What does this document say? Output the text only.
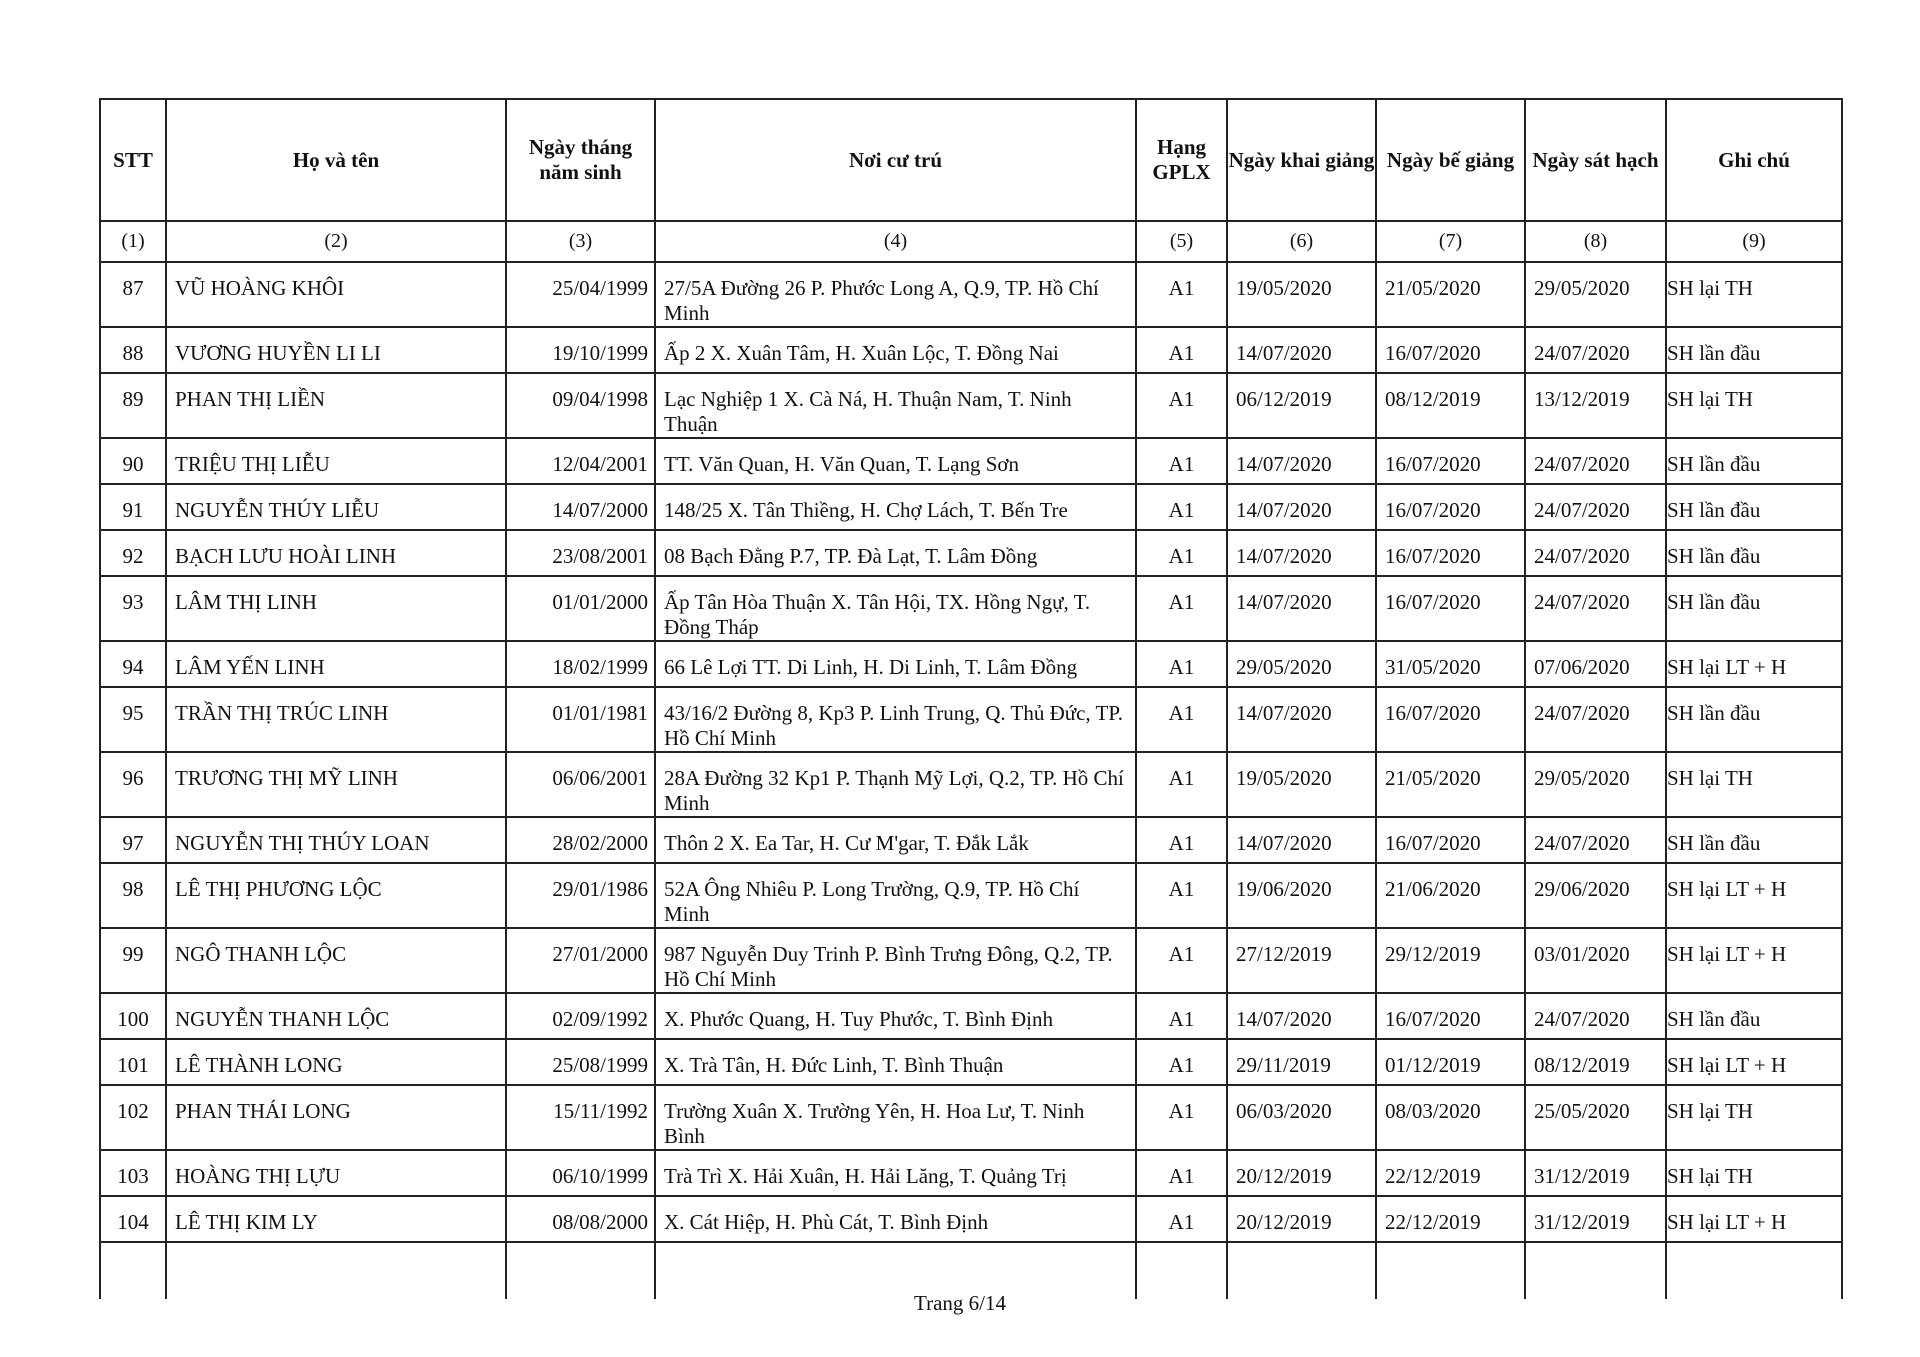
STT	Họ và tên	Ngày tháng năm sinh	Nơi cư trú	Hạng GPLX	Ngày khai giảng	Ngày bế giảng	Ngày sát hạch	Ghi chú
(1)	(2)	(3)	(4)	(5)	(6)	(7)	(8)	(9)
87	VŨ HOÀNG KHÔI	25/04/1999	27/5A Đường 26 P. Phước Long A, Q.9, TP. Hồ Chí Minh	A1	19/05/2020	21/05/2020	29/05/2020	SH lại TH
88	VƯƠNG HUYỀN LI LI	19/10/1999	Ấp 2 X. Xuân Tâm, H. Xuân Lộc, T. Đồng Nai	A1	14/07/2020	16/07/2020	24/07/2020	SH lần đầu
89	PHAN THỊ LIỀN	09/04/1998	Lạc Nghiệp 1 X. Cà Ná, H. Thuận Nam, T. Ninh Thuận	A1	06/12/2019	08/12/2019	13/12/2019	SH lại TH
90	TRIỆU THỊ LIỄU	12/04/2001	TT. Văn Quan, H. Văn Quan, T. Lạng Sơn	A1	14/07/2020	16/07/2020	24/07/2020	SH lần đầu
91	NGUYỄN THÚY LIỄU	14/07/2000	148/25 X. Tân Thiềng, H. Chợ Lách, T. Bến Tre	A1	14/07/2020	16/07/2020	24/07/2020	SH lần đầu
92	BẠCH LƯU HOÀI LINH	23/08/2001	08 Bạch Đằng P.7, TP. Đà Lạt, T. Lâm Đồng	A1	14/07/2020	16/07/2020	24/07/2020	SH lần đầu
93	LÂM THỊ LINH	01/01/2000	Ấp Tân Hòa Thuận X. Tân Hội, TX. Hồng Ngự, T. Đồng Tháp	A1	14/07/2020	16/07/2020	24/07/2020	SH lần đầu
94	LÂM YẾN LINH	18/02/1999	66 Lê Lợi TT. Di Linh, H. Di Linh, T. Lâm Đồng	A1	29/05/2020	31/05/2020	07/06/2020	SH lại LT + H
95	TRẦN THỊ TRÚC LINH	01/01/1981	43/16/2 Đường 8, Kp3 P. Linh Trung, Q. Thủ Đức, TP. Hồ Chí Minh	A1	14/07/2020	16/07/2020	24/07/2020	SH lần đầu
96	TRƯƠNG THỊ MỸ LINH	06/06/2001	28A Đường 32 Kp1 P. Thạnh Mỹ Lợi, Q.2, TP. Hồ Chí Minh	A1	19/05/2020	21/05/2020	29/05/2020	SH lại TH
97	NGUYỄN THỊ THÚY LOAN	28/02/2000	Thôn 2 X. Ea Tar, H. Cư M'gar, T. Đắk Lắk	A1	14/07/2020	16/07/2020	24/07/2020	SH lần đầu
98	LÊ THỊ PHƯƠNG LỘC	29/01/1986	52A Ông Nhiêu P. Long Trường, Q.9, TP. Hồ Chí Minh	A1	19/06/2020	21/06/2020	29/06/2020	SH lại LT + H
99	NGÔ THANH LỘC	27/01/2000	987 Nguyễn Duy Trinh P. Bình Trưng Đông, Q.2, TP. Hồ Chí Minh	A1	27/12/2019	29/12/2019	03/01/2020	SH lại LT + H
100	NGUYỄN THANH LỘC	02/09/1992	X. Phước Quang, H. Tuy Phước, T. Bình Định	A1	14/07/2020	16/07/2020	24/07/2020	SH lần đầu
101	LÊ THÀNH LONG	25/08/1999	X. Trà Tân, H. Đức Linh, T. Bình Thuận	A1	29/11/2019	01/12/2019	08/12/2019	SH lại LT + H
102	PHAN THÁI LONG	15/11/1992	Trường Xuân X. Trường Yên, H. Hoa Lư, T. Ninh Bình	A1	06/03/2020	08/03/2020	25/05/2020	SH lại TH
103	HOÀNG THỊ LỰU	06/10/1999	Trà Trì X. Hải Xuân, H. Hải Lăng, T. Quảng Trị	A1	20/12/2019	22/12/2019	31/12/2019	SH lại TH
104	LÊ THỊ KIM LY	08/08/2000	X. Cát Hiệp, H. Phù Cát, T. Bình Định	A1	20/12/2019	22/12/2019	31/12/2019	SH lại LT + H

Trang 6/14
